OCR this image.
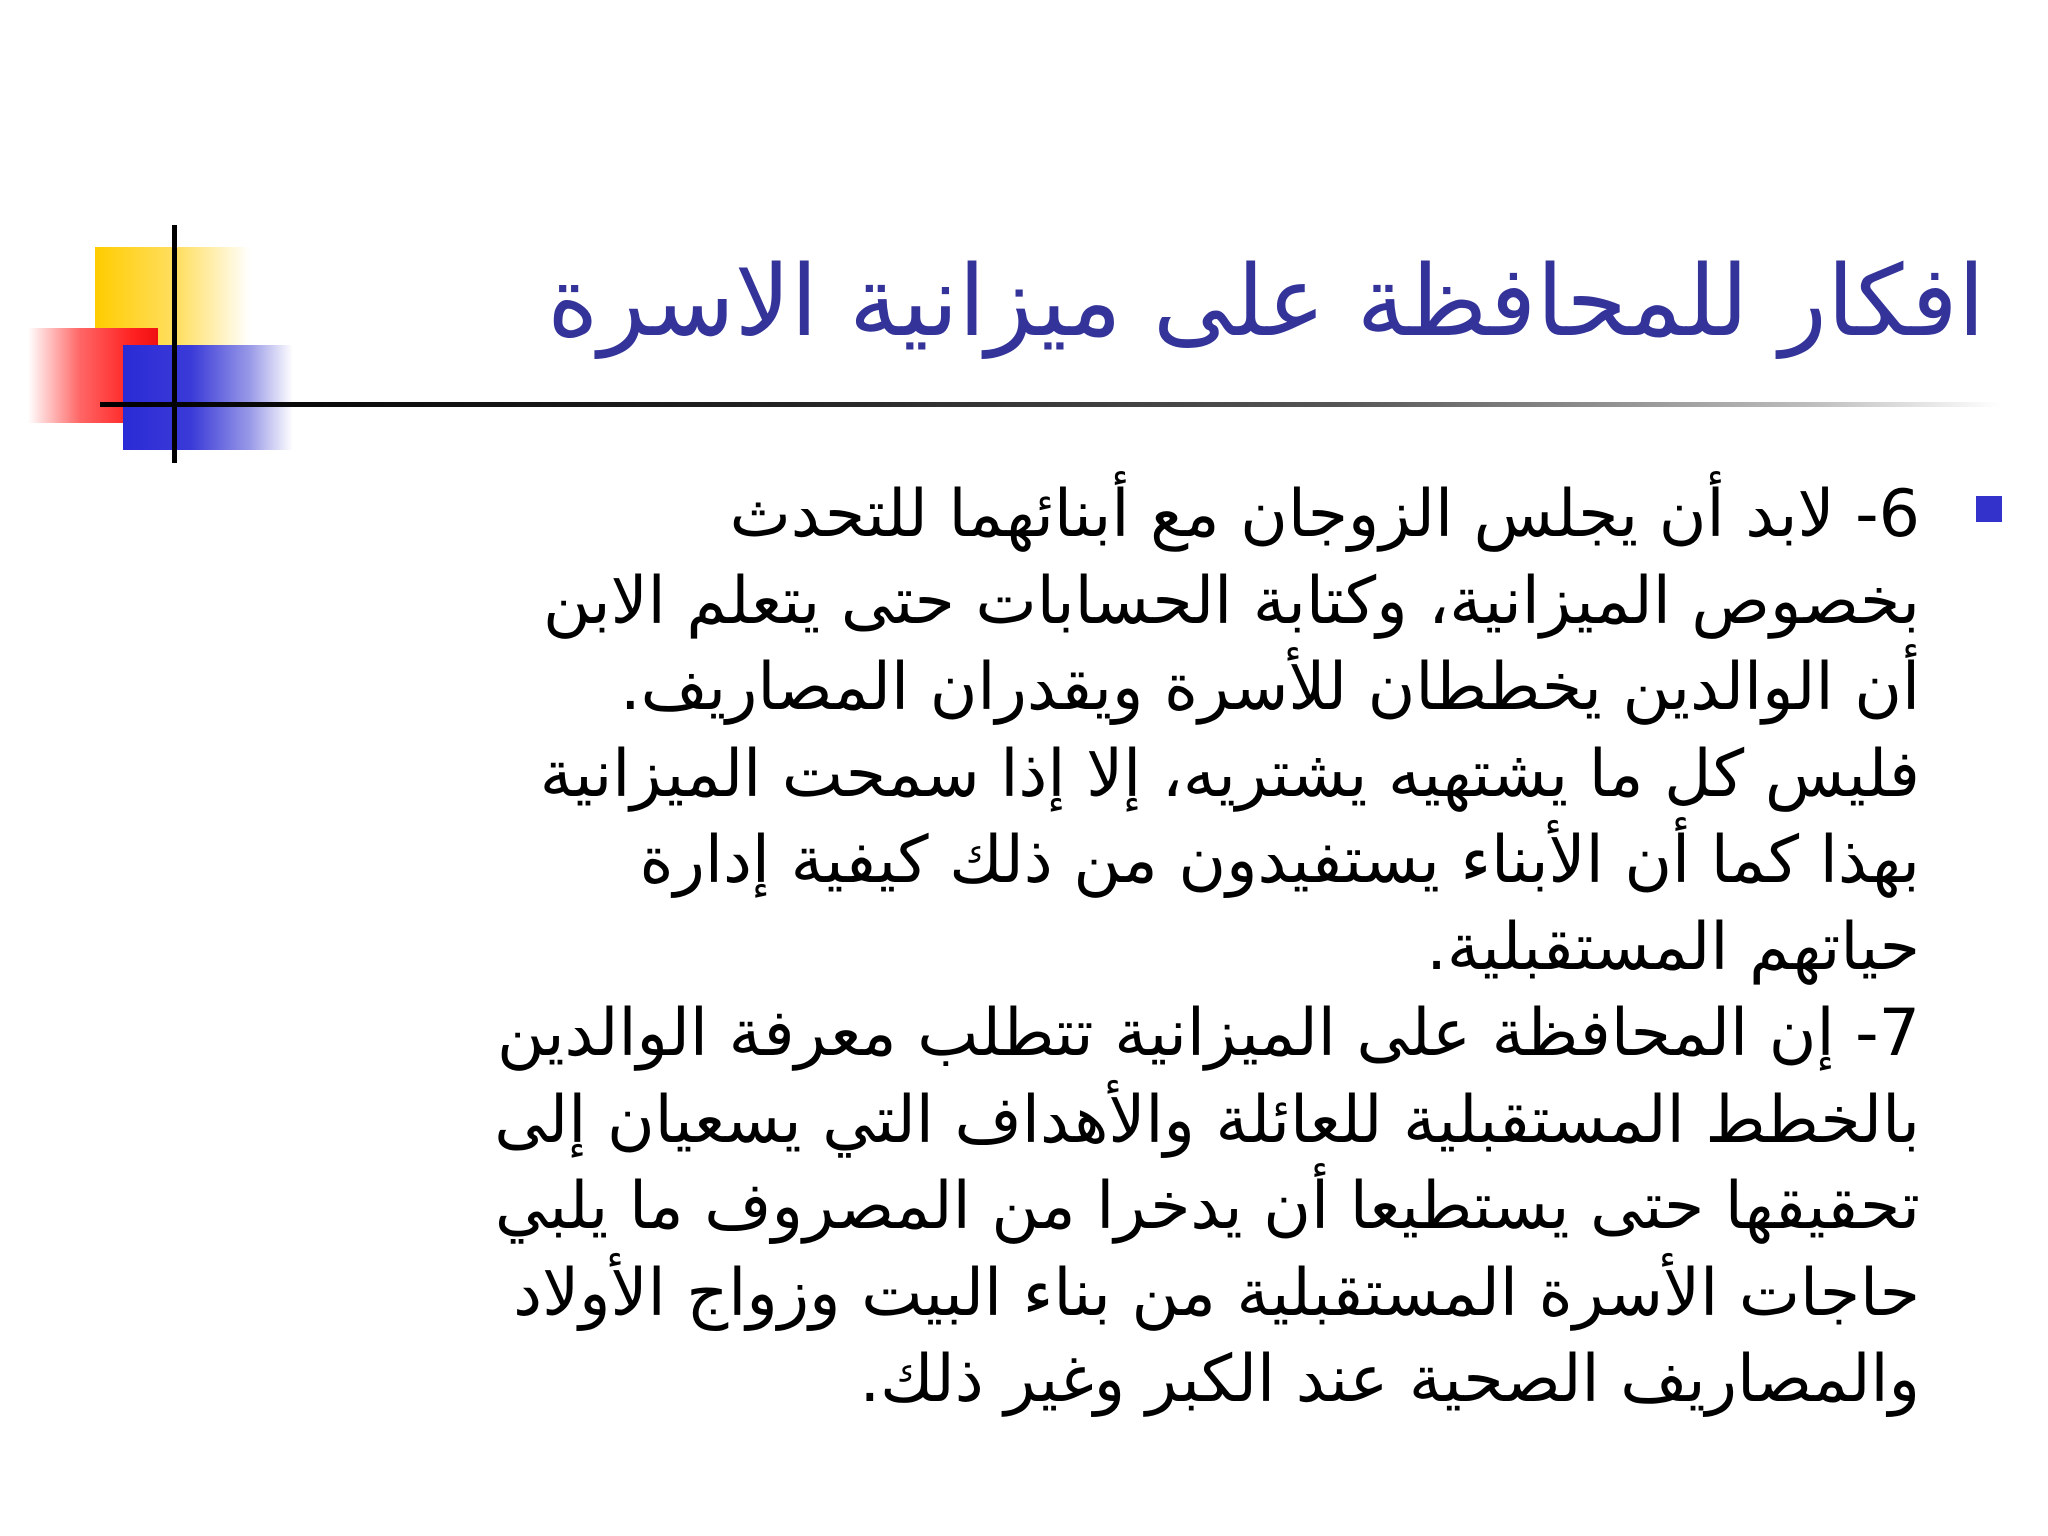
افكار للمحافظة على ميزانية الاسرة
6- لابد أن يجلس الزوجان مع أبنائهما للتحدث
بخصوص الميزانية، وكتابة الحسابات حتى يتعلم الابن
أن الوالدين يخططان للأسرة ويقدران المصاريف.
فليس كل ما يشتهيه يشتريه، إلا إذا سمحت الميزانية
بهذا كما أن الأبناء يستفيدون من ذلك كيفية إدارة
حياتهم المستقبلية.
7- إن المحافظة على الميزانية تتطلب معرفة الوالدين
بالخطط المستقبلية للعائلة والأهداف التي يسعيان إلى
تحقيقها حتى يستطيعا أن يدخرا من المصروف ما يلبي
حاجات الأسرة المستقبلية من بناء البيت وزواج الأولاد
والمصاريف الصحية عند الكبر وغير ذلك.
